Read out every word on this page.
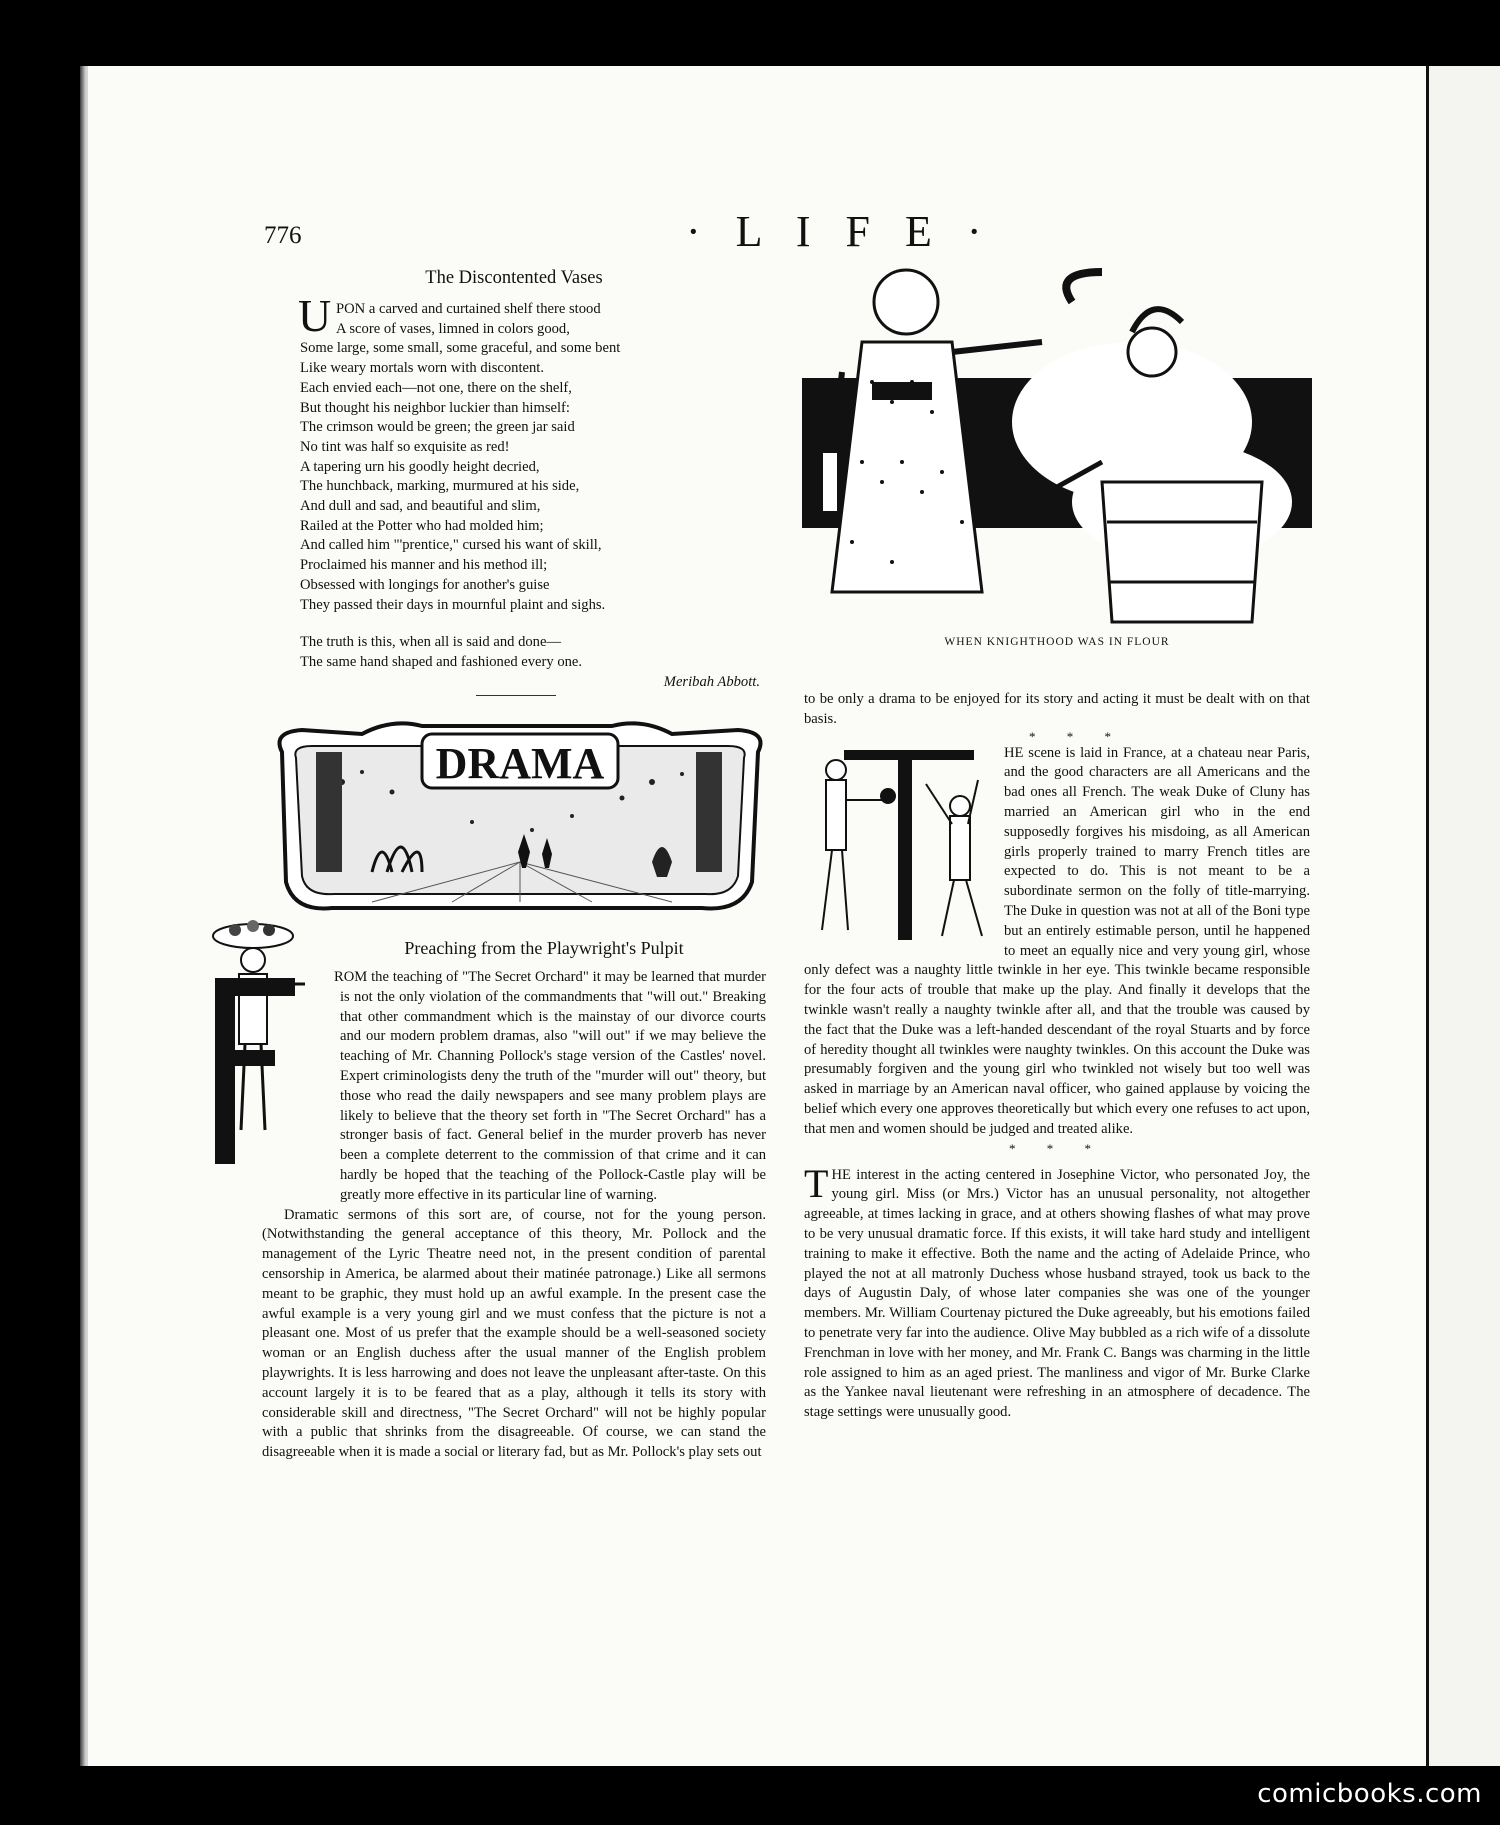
776	· L I F E ·
The Discontented Vases
U PON a carved and curtained shelf there stood
A score of vases, limned in colors good,
Some large, some small, some graceful, and some bent
Like weary mortals worn with discontent.
Each envied each—not one, there on the shelf,
But thought his neighbor luckier than himself:
The crimson would be green; the green jar said
No tint was half so exquisite as red!
A tapering urn his goodly height decried,
The hunchback, marking, murmured at his side,
And dull and sad, and beautiful and slim,
Railed at the Potter who had molded him;
And called him "'prentice," cursed his want of skill,
Proclaimed his manner and his method ill;
Obsessed with longings for another's guise
They passed their days in mournful plaint and sighs.
The truth is this, when all is said and done—
The same hand shaped and fashioned every one.
Meribah Abbott.
DRAMA
Preaching from the Playwright's Pulpit

ROM the teaching of "The Secret Orchard" it may be learned that murder is not the only violation of the commandments that "will out." Breaking that other commandment which is the mainstay of our divorce courts and our modern problem dramas, also "will out" if we may believe the teaching of Mr. Channing Pollock's stage version of the Castles' novel. Expert criminologists deny the truth of the "murder will out" theory, but those who read the daily newspapers and see many problem plays are likely to believe that the theory set forth in "The Secret Orchard" has a stronger basis of fact. General belief in the murder proverb has never been a complete deterrent to the commission of that crime and it can hardly be hoped that the teaching of the Pollock-Castle play will be greatly more effective in its particular line of warning.

Dramatic sermons of this sort are, of course, not for the young person. (Notwithstanding the general acceptance of this theory, Mr. Pollock and the management of the Lyric Theatre need not, in the present condition of parental censorship in America, be alarmed about their matinée patronage.) Like all sermons meant to be graphic, they must hold up an awful example. In the present case the awful example is a very young girl and we must confess that the picture is not a pleasant one. Most of us prefer that the example should be a well-seasoned society woman or an English duchess after the usual manner of the English problem playwrights. It is less harrowing and does not leave the unpleasant after-taste. On this account largely it is to be feared that as a play, although it tells its story with considerable skill and directness, "The Secret Orchard" will not be highly popular with a public that shrinks from the disagreeable. Of course, we can stand the disagreeable when it is made a social or literary fad, but as Mr. Pollock's play sets out

WHEN KNIGHTHOOD WAS IN FLOUR

to be only a drama to be enjoyed for its story and acting it must be dealt with on that basis.

* * *

HE scene is laid in France, at a chateau near Paris, and the good characters are all Americans and the bad ones all French. The weak Duke of Cluny has married an American girl who in the end supposedly forgives his misdoing, as all American girls properly trained to marry French titles are expected to do. This is not meant to be a subordinate sermon on the folly of title-marrying. The Duke in question was not at all of the Boni type but an entirely estimable person, until he happened to meet an equally nice and very young girl, whose only defect was a naughty little twinkle in her eye. This twinkle became responsible for the four acts of trouble that make up the play. And finally it develops that the twinkle wasn't really a naughty twinkle after all, and that the trouble was caused by the fact that the Duke was a left-handed descendant of the royal Stuarts and by force of heredity thought all twinkles were naughty twinkles. On this account the Duke was presumably forgiven and the young girl who twinkled not wisely but too well was asked in marriage by an American naval officer, who gained applause by voicing the belief which every one approves theoretically but which every one refuses to act upon, that men and women should be judged and treated alike.

* * *

THE interest in the acting centered in Josephine Victor, who personated Joy, the young girl. Miss (or Mrs.) Victor has an unusual personality, not altogether agreeable, at times lacking in grace, and at others showing flashes of what may prove to be very unusual dramatic force. If this exists, it will take hard study and intelligent training to make it effective. Both the name and the acting of Adelaide Prince, who played the not at all matronly Duchess whose husband strayed, took us back to the days of Augustin Daly, of whose later companies she was one of the younger members. Mr. William Courtenay pictured the Duke agreeably, but his emotions failed to penetrate very far into the audience. Olive May bubbled as a rich wife of a dissolute Frenchman in love with her money, and Mr. Frank C. Bangs was charming in the little role assigned to him as an aged priest. The manliness and vigor of Mr. Burke Clarke as the Yankee naval lieutenant were refreshing in an atmosphere of decadence. The stage settings were unusually good.

comicbooks.com
